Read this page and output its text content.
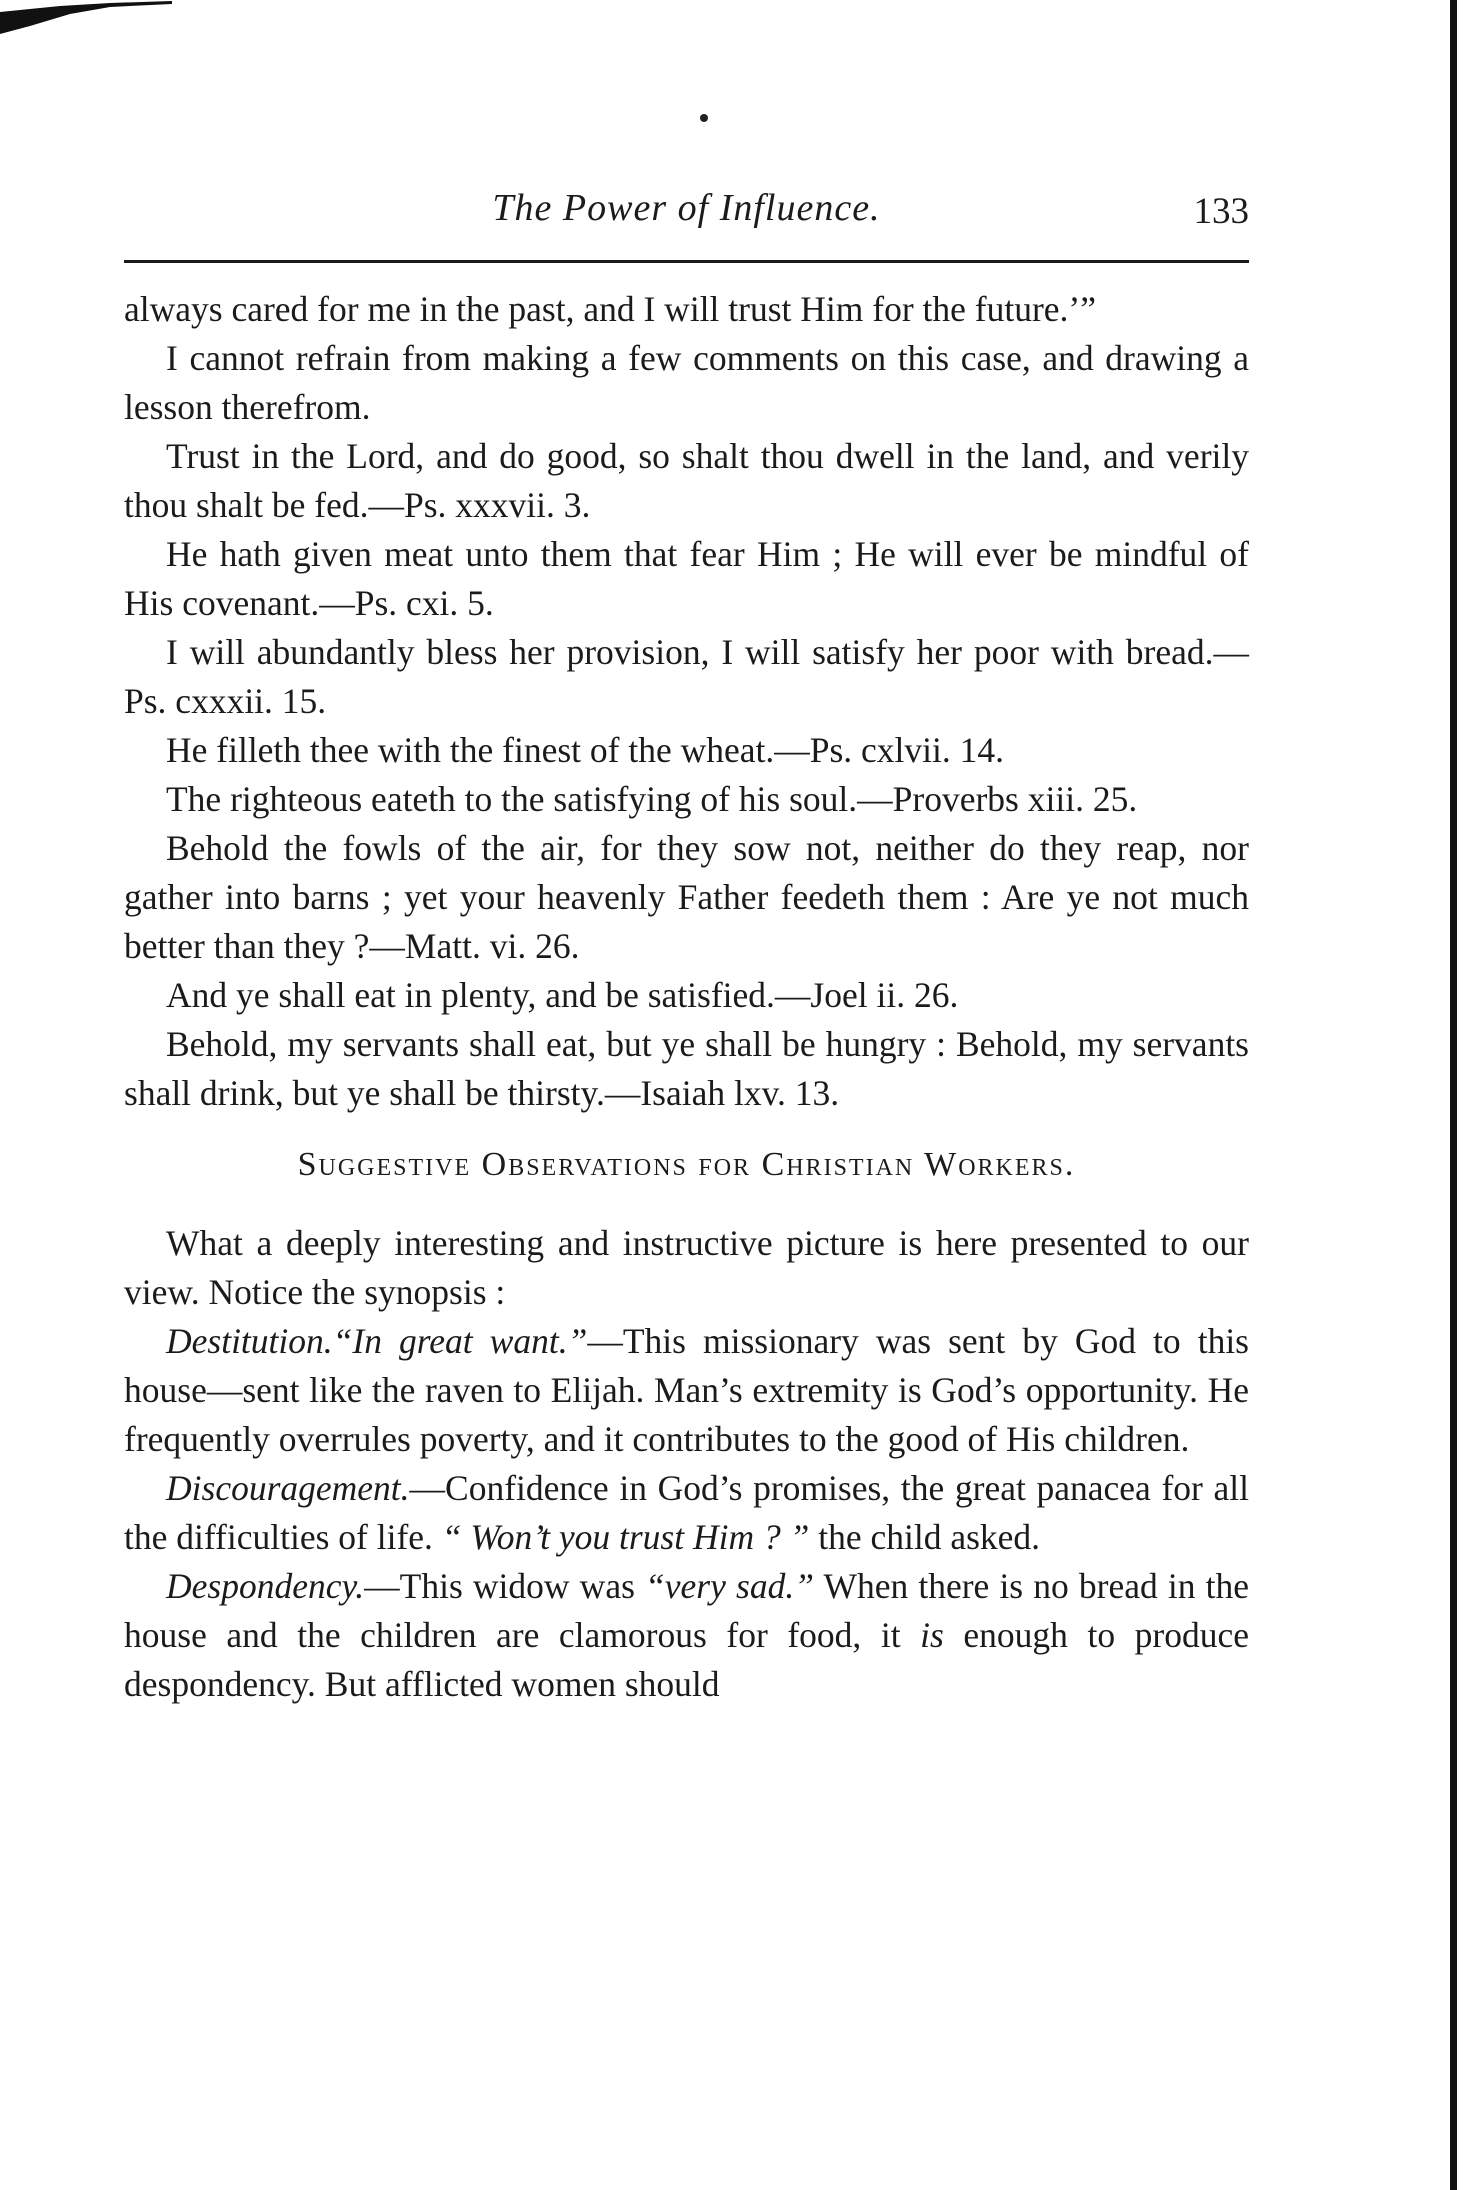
The Power of Influence.	133

always cared for me in the past, and I will trust Him for the future.’”

I cannot refrain from making a few comments on this case, and drawing a lesson therefrom.

Trust in the Lord, and do good, so shalt thou dwell in the land, and verily thou shalt be fed.—Ps. xxxvii. 3.

He hath given meat unto them that fear Him ; He will ever be mindful of His covenant.—Ps. cxi. 5.

I will abundantly bless her provision, I will satisfy her poor with bread.—Ps. cxxxii. 15.

He filleth thee with the finest of the wheat.—Ps. cxlvii. 14.

The righteous eateth to the satisfying of his soul.—Proverbs xiii. 25.

Behold the fowls of the air, for they sow not, neither do they reap, nor gather into barns ; yet your heavenly Father feedeth them : Are ye not much better than they ?—Matt. vi. 26.

And ye shall eat in plenty, and be satisfied.—Joel ii. 26.

Behold, my servants shall eat, but ye shall be hungry : Behold, my servants shall drink, but ye shall be thirsty.—Isaiah lxv. 13.

Suggestive Observations for Christian Workers.

What a deeply interesting and instructive picture is here presented to our view. Notice the synopsis :

Destitution.“In great want.”—This missionary was sent by God to this house—sent like the raven to Elijah. Man’s extremity is God’s opportunity. He frequently overrules poverty, and it contributes to the good of His children.

Discouragement.—Confidence in God’s promises, the great panacea for all the difficulties of life. “ Won’t you trust Him ? ” the child asked.

Despondency.—This widow was “very sad.” When there is no bread in the house and the children are clamorous for food, it is enough to produce despondency. But afflicted women should
